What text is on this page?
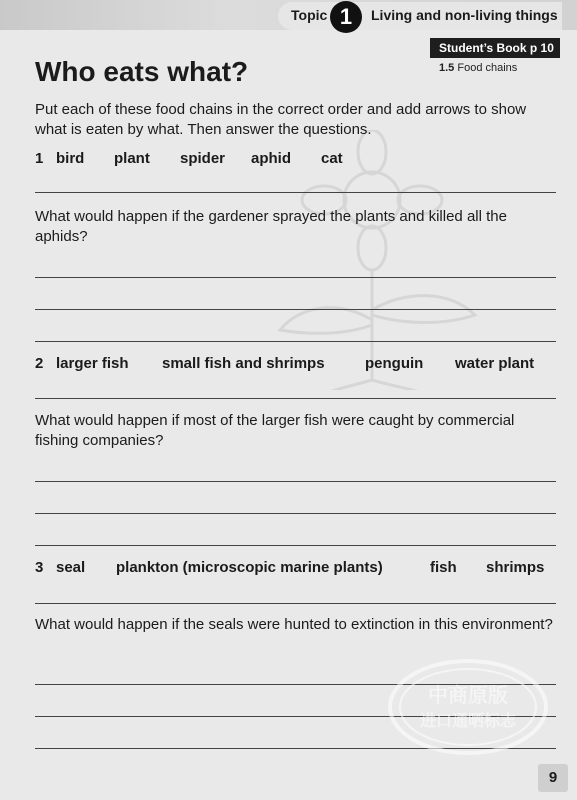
Topic 1	Living and non-living things
Student’s Book p 10
1.5 Food chains
Who eats what?

Put each of these food chains in the correct order and add arrows to show what is eaten by what. Then answer the questions.

1 bird plant spider aphid cat

What would happen if the gardener sprayed the plants and killed all the aphids?

2 larger fish small fish and shrimps	penguin water plant

What would happen if most of the larger fish were caught by commercial fishing companies?

3 seal plankton (microscopic marine plants)	fish shrimps

What would happen if the seals were hunted to extinction in this environment?

中商原版
进口通晒标志
9
